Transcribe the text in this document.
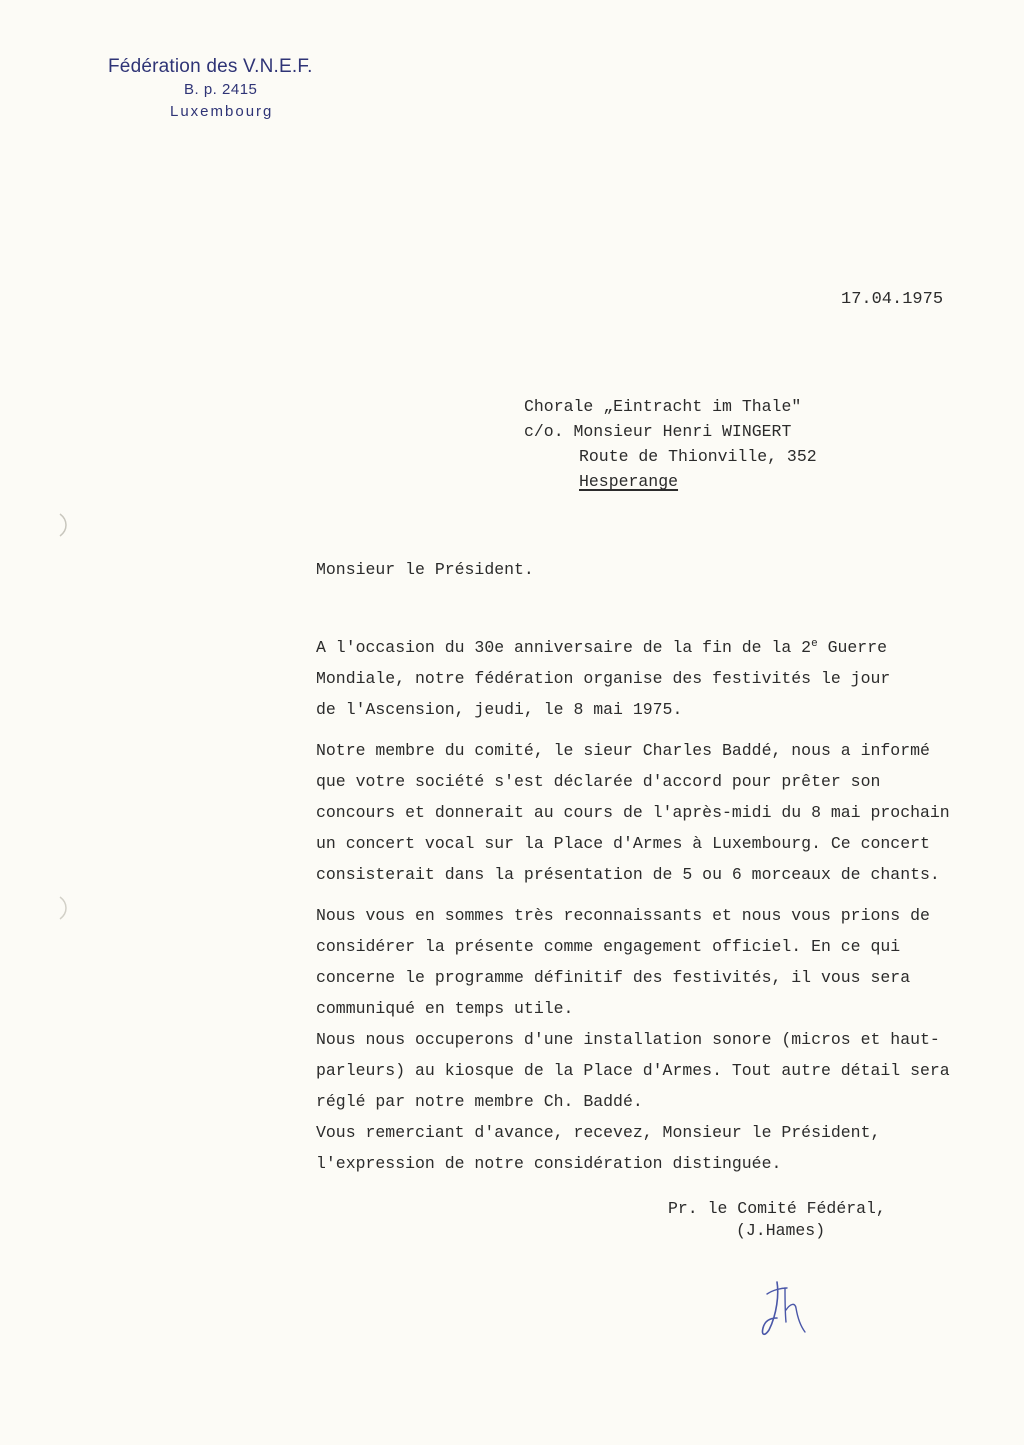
Fédération des V.N.E.F.
B. p. 2415
Luxembourg
17.04.1975
Chorale „Eintracht im Thale"
c/o. Monsieur Henri WINGERT
Route de Thionville, 352
Hesperange
Monsieur le Président.

A l'occasion du 30e anniversaire de la fin de la 2e Guerre
Mondiale, notre fédération organise des festivités le jour
de l'Ascension, jeudi, le 8 mai 1975.

Notre membre du comité, le sieur Charles Baddé, nous a informé
que votre société s'est déclarée d'accord pour prêter son
concours et donnerait au cours de l'après-midi du 8 mai prochain
un concert vocal sur la Place d'Armes à Luxembourg. Ce concert
consisterait dans la présentation de 5 ou 6 morceaux de chants.

Nous vous en sommes très reconnaissants et nous vous prions de
considérer la présente comme engagement officiel. En ce qui
concerne le programme définitif des festivités, il vous sera
communiqué en temps utile.
Nous nous occuperons d'une installation sonore (micros et haut-
parleurs) au kiosque de la Place d'Armes. Tout autre détail sera
réglé par notre membre Ch. Baddé.
Vous remerciant d'avance, recevez, Monsieur le Président,
l'expression de notre considération distinguée.

Pr. le Comité Fédéral,
(J.Hames)
